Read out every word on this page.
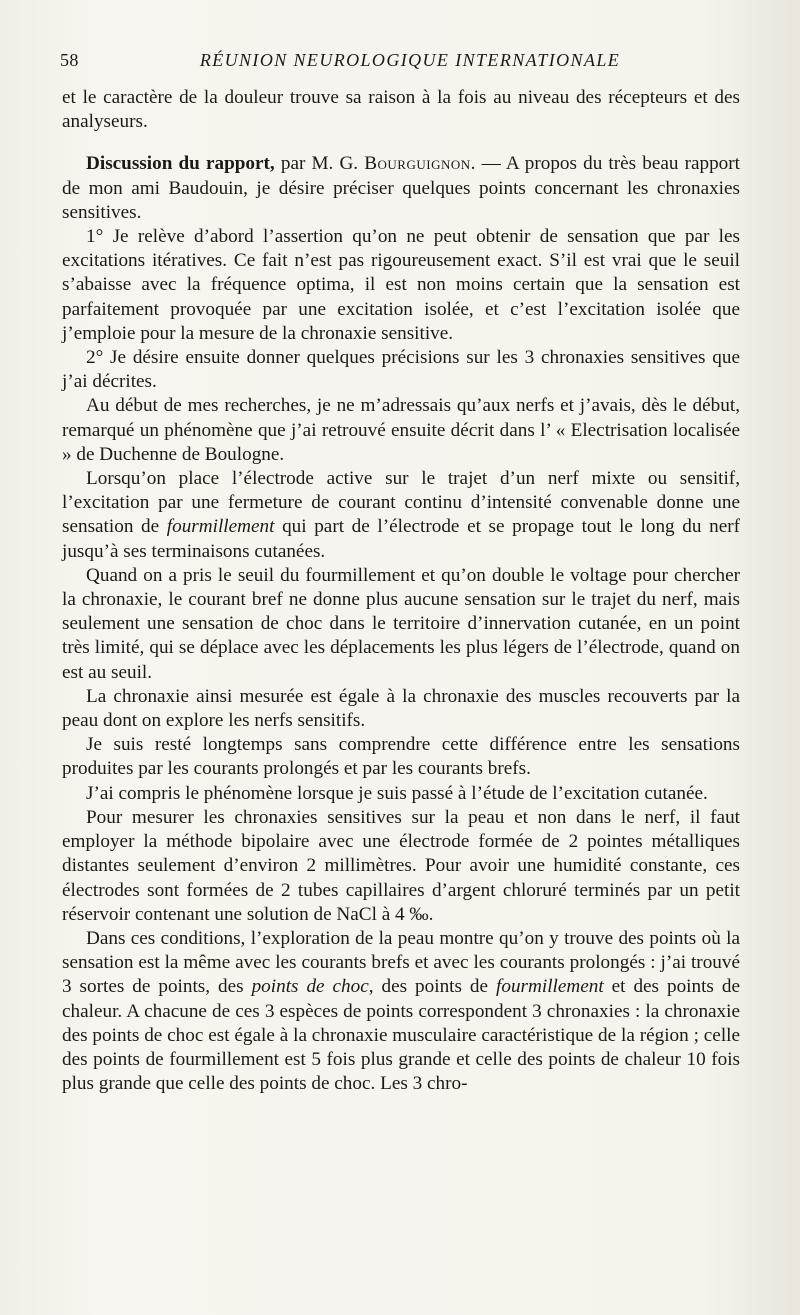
58	RÉUNION NEUROLOGIQUE INTERNATIONALE

et le caractère de la douleur trouve sa raison à la fois au niveau des récepteurs et des analyseurs.

Discussion du rapport, par M. G. Bourguignon. — A propos du très beau rapport de mon ami Baudouin, je désire préciser quelques points concernant les chronaxies sensitives.

1° Je relève d’abord l’assertion qu’on ne peut obtenir de sensation que par les excitations itératives. Ce fait n’est pas rigoureusement exact. S’il est vrai que le seuil s’abaisse avec la fréquence optima, il est non moins certain que la sensation est parfaitement provoquée par une excitation isolée, et c’est l’excitation isolée que j’emploie pour la mesure de la chronaxie sensitive.

2° Je désire ensuite donner quelques précisions sur les 3 chronaxies sensitives que j’ai décrites.

Au début de mes recherches, je ne m’adressais qu’aux nerfs et j’avais, dès le début, remarqué un phénomène que j’ai retrouvé ensuite décrit dans l’ « Electrisation localisée » de Duchenne de Boulogne.

Lorsqu’on place l’électrode active sur le trajet d’un nerf mixte ou sensitif, l’excitation par une fermeture de courant continu d’intensité convenable donne une sensation de fourmillement qui part de l’électrode et se propage tout le long du nerf jusqu’à ses terminaisons cutanées.

Quand on a pris le seuil du fourmillement et qu’on double le voltage pour chercher la chronaxie, le courant bref ne donne plus aucune sensation sur le trajet du nerf, mais seulement une sensation de choc dans le territoire d’innervation cutanée, en un point très limité, qui se déplace avec les déplacements les plus légers de l’électrode, quand on est au seuil.

La chronaxie ainsi mesurée est égale à la chronaxie des muscles recouverts par la peau dont on explore les nerfs sensitifs.

Je suis resté longtemps sans comprendre cette différence entre les sensations produites par les courants prolongés et par les courants brefs.

J’ai compris le phénomène lorsque je suis passé à l’étude de l’excitation cutanée.

Pour mesurer les chronaxies sensitives sur la peau et non dans le nerf, il faut employer la méthode bipolaire avec une électrode formée de 2 pointes métalliques distantes seulement d’environ 2 millimètres. Pour avoir une humidité constante, ces électrodes sont formées de 2 tubes capillaires d’argent chloruré terminés par un petit réservoir contenant une solution de NaCl à 4 ‰.

Dans ces conditions, l’exploration de la peau montre qu’on y trouve des points où la sensation est la même avec les courants brefs et avec les courants prolongés : j’ai trouvé 3 sortes de points, des points de choc, des points de fourmillement et des points de chaleur. A chacune de ces 3 espèces de points correspondent 3 chronaxies : la chronaxie des points de choc est égale à la chronaxie musculaire caractéristique de la région ; celle des points de fourmillement est 5 fois plus grande et celle des points de chaleur 10 fois plus grande que celle des points de choc. Les 3 chro-
